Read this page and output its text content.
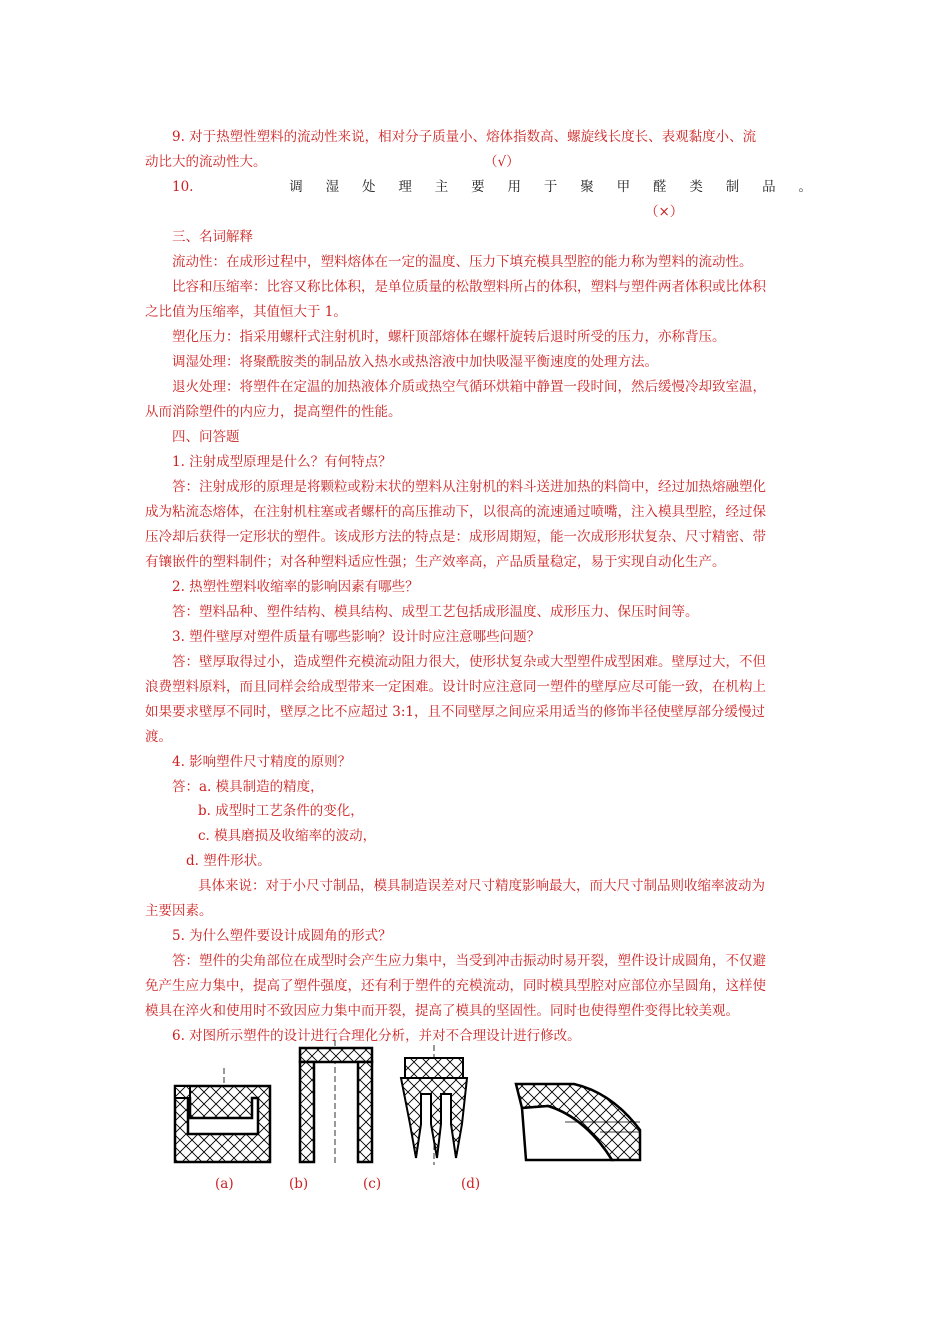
9. 对于热塑性塑料的流动性来说，相对分子质量小、熔体指数高、螺旋线长度长、表观黏度小、流

动比大的流动性大。	（√）

10.	调 湿 处 理 主 要 用 于 聚 甲 醛 类 制 品 。

（×）

三、名词解释

流动性：在成形过程中，塑料熔体在一定的温度、压力下填充模具型腔的能力称为塑料的流动性。

比容和压缩率：比容又称比体积，是单位质量的松散塑料所占的体积，塑料与塑件两者体积或比体积

之比值为压缩率，其值恒大于 1。

塑化压力：指采用螺杆式注射机时，螺杆顶部熔体在螺杆旋转后退时所受的压力，亦称背压。

调湿处理：将聚酰胺类的制品放入热水或热溶液中加快吸湿平衡速度的处理方法。

退火处理：将塑件在定温的加热液体介质或热空气循环烘箱中静置一段时间，然后缓慢冷却致室温，

从而消除塑件的内应力，提高塑件的性能。

四、问答题

1. 注射成型原理是什么？有何特点？

答：注射成形的原理是将颗粒或粉末状的塑料从注射机的料斗送进加热的料筒中，经过加热熔融塑化

成为粘流态熔体，在注射机柱塞或者螺杆的高压推动下，以很高的流速通过喷嘴，注入模具型腔，经过保

压冷却后获得一定形状的塑件。该成形方法的特点是：成形周期短，能一次成形形状复杂、尺寸精密、带

有镶嵌件的塑料制件；对各种塑料适应性强；生产效率高，产品质量稳定，易于实现自动化生产。

2. 热塑性塑料收缩率的影响因素有哪些？

答：塑料品种、塑件结构、模具结构、成型工艺包括成形温度、成形压力、保压时间等。

3. 塑件壁厚对塑件质量有哪些影响？设计时应注意哪些问题？

答：壁厚取得过小，造成塑件充模流动阻力很大，使形状复杂或大型塑件成型困难。壁厚过大，不但

浪费塑料原料，而且同样会给成型带来一定困难。设计时应注意同一塑件的壁厚应尽可能一致，在机构上

如果要求壁厚不同时，壁厚之比不应超过 3:1，且不同壁厚之间应采用适当的修饰半径使壁厚部分缓慢过

渡。

4. 影响塑件尺寸精度的原则？

答：a. 模具制造的精度，

b. 成型时工艺条件的变化，

c. 模具磨损及收缩率的波动，

d. 塑件形状。

具体来说：对于小尺寸制品，模具制造误差对尺寸精度影响最大，而大尺寸制品则收缩率波动为

主要因素。

5. 为什么塑件要设计成圆角的形式？

答：塑件的尖角部位在成型时会产生应力集中，当受到冲击振动时易开裂，塑件设计成圆角，不仅避

免产生应力集中，提高了塑件强度，还有利于塑件的充模流动，同时模具型腔对应部位亦呈圆角，这样使

模具在淬火和使用时不致因应力集中而开裂，提高了模具的坚固性。同时也使得塑件变得比较美观。

6. 对图所示塑件的设计进行合理化分析，并对不合理设计进行修改。

(a)	(b)	(c)	(d)
